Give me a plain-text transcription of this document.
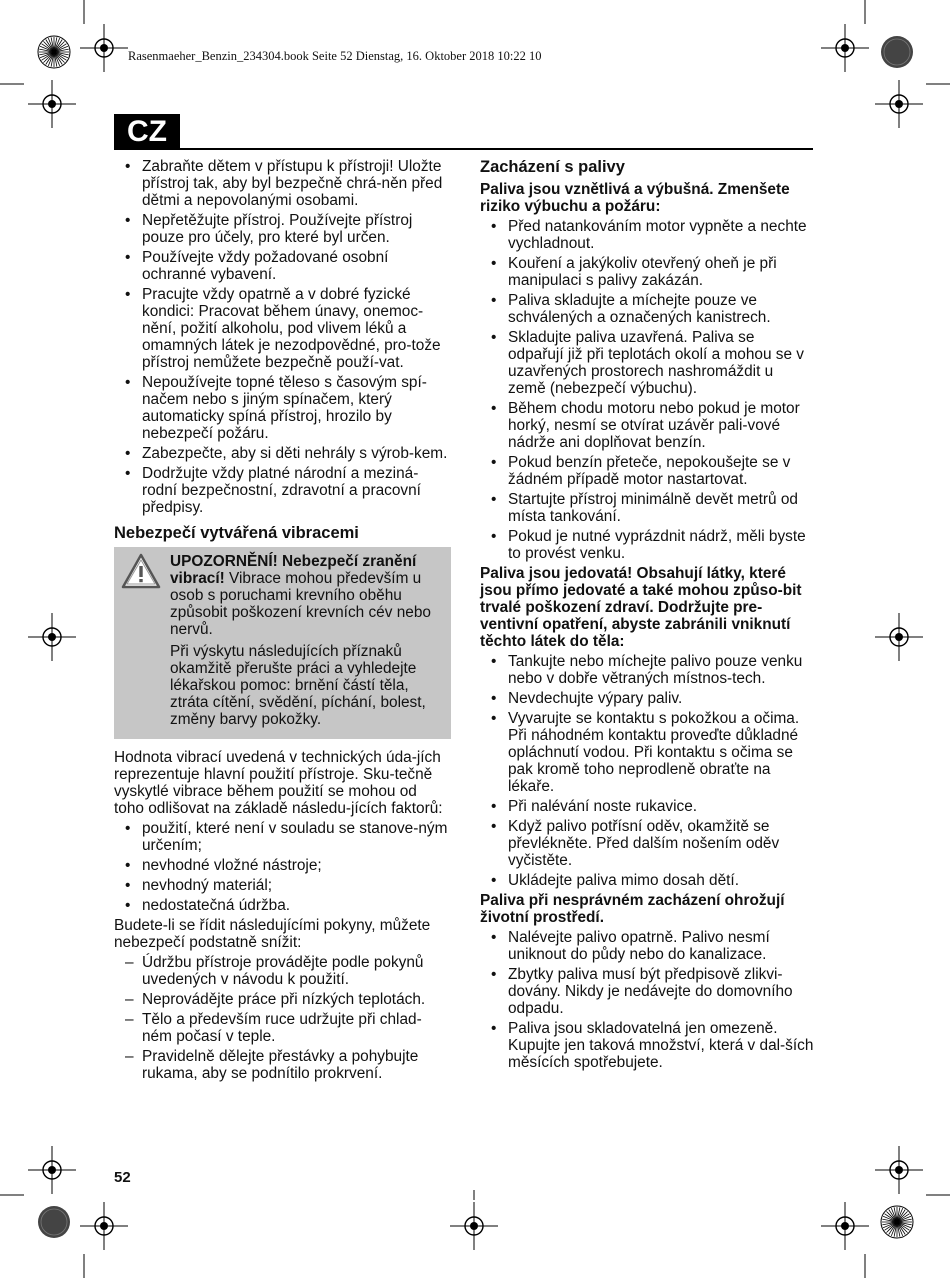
Rasenmaeher_Benzin_234304.book Seite 52 Dienstag, 16. Oktober 2018 10:22 10
CZ
• Zabraňte dětem v přístupu k přístroji! Uložte přístroj tak, aby byl bezpečně chrá-něn před dětmi a nepovolanými osobami.
• Nepřetěžujte přístroj. Používejte přístroj pouze pro účely, pro které byl určen.
• Používejte vždy požadované osobní ochranné vybavení.
• Pracujte vždy opatrně a v dobré fyzické kondici: Pracovat během únavy, onemoc-nění, požití alkoholu, pod vlivem léků a omamných látek je nezodpovědné, pro-tože přístroj nemůžete bezpečně použí-vat.
• Nepoužívejte topné těleso s časovým spí-načem nebo s jiným spínačem, který automaticky spíná přístroj, hrozilo by nebezpečí požáru.
• Zabezpečte, aby si děti nehrály s výrob-kem.
• Dodržujte vždy platné národní a meziná-rodní bezpečnostní, zdravotní a pracovní předpisy.
Nebezpečí vytvářená vibracemi

UPOZORNĚNÍ! Nebezpečí zranění vibrací! Vibrace mohou především u osob s poruchami krevního oběhu způsobit poškození krevních cév nebo nervů.

Při výskytu následujících příznaků okamžitě přerušte práci a vyhledejte lékařskou pomoc: brnění částí těla, ztráta cítění, svědění, píchání, bolest, změny barvy pokožky.

Hodnota vibrací uvedená v technických úda-jích reprezentuje hlavní použití přístroje. Sku-tečně vyskytlé vibrace během použití se mohou od toho odlišovat na základě následu-jících faktorů:

• použití, které není v souladu se stanove-ným určením;
• nevhodné vložné nástroje;
• nevhodný materiál;
• nedostatečná údržba.

Budete-li se řídit následujícími pokyny, můžete nebezpečí podstatně snížit:

– Údržbu přístroje provádějte podle pokynů uvedených v návodu k použití.
– Neprovádějte práce při nízkých teplotách.
– Tělo a především ruce udržujte při chlad-ném počasí v teple.
– Pravidelně dělejte přestávky a pohybujte rukama, aby se podnítilo prokrvení.
Zacházení s palivy
Paliva jsou vznětlivá a výbušná. Zmenšete riziko výbuchu a požáru:
• Před natankováním motor vypněte a nechte vychladnout.
• Kouření a jakýkoliv otevřený oheň je při manipulaci s palivy zakázán.
• Paliva skladujte a míchejte pouze ve schválených a označených kanistrech.
• Skladujte paliva uzavřená. Paliva se odpařují již při teplotách okolí a mohou se v uzavřených prostorech nashromáždit u země (nebezpečí výbuchu).
• Během chodu motoru nebo pokud je motor horký, nesmí se otvírat uzávěr pali-vové nádrže ani doplňovat benzín.
• Pokud benzín přeteče, nepokoušejte se v žádném případě motor nastartovat.
• Startujte přístroj minimálně devět metrů od místa tankování.
• Pokud je nutné vyprázdnit nádrž, měli byste to provést venku.
Paliva jsou jedovatá! Obsahují látky, které jsou přímo jedovaté a také mohou způso-bit trvalé poškození zdraví. Dodržujte pre-ventivní opatření, abyste zabránili vniknutí těchto látek do těla:
• Tankujte nebo míchejte palivo pouze venku nebo v dobře větraných místnos-tech.
• Nevdechujte výpary paliv.
• Vyvarujte se kontaktu s pokožkou a očima. Při náhodném kontaktu proveďte důkladné opláchnutí vodou. Při kontaktu s očima se pak kromě toho neprodleně obraťte na lékaře.
• Při nalévání noste rukavice.
• Když palivo potřísní oděv, okamžitě se převlékněte. Před dalším nošením oděv vyčistěte.
• Ukládejte paliva mimo dosah dětí.
Paliva při nesprávném zacházení ohrožují životní prostředí.
• Nalévejte palivo opatrně. Palivo nesmí uniknout do půdy nebo do kanalizace.
• Zbytky paliva musí být předpisově zlikvi-dovány. Nikdy je nedávejte do domovního odpadu.
• Paliva jsou skladovatelná jen omezeně. Kupujte jen taková množství, která v dal-ších měsících spotřebujete.
52
